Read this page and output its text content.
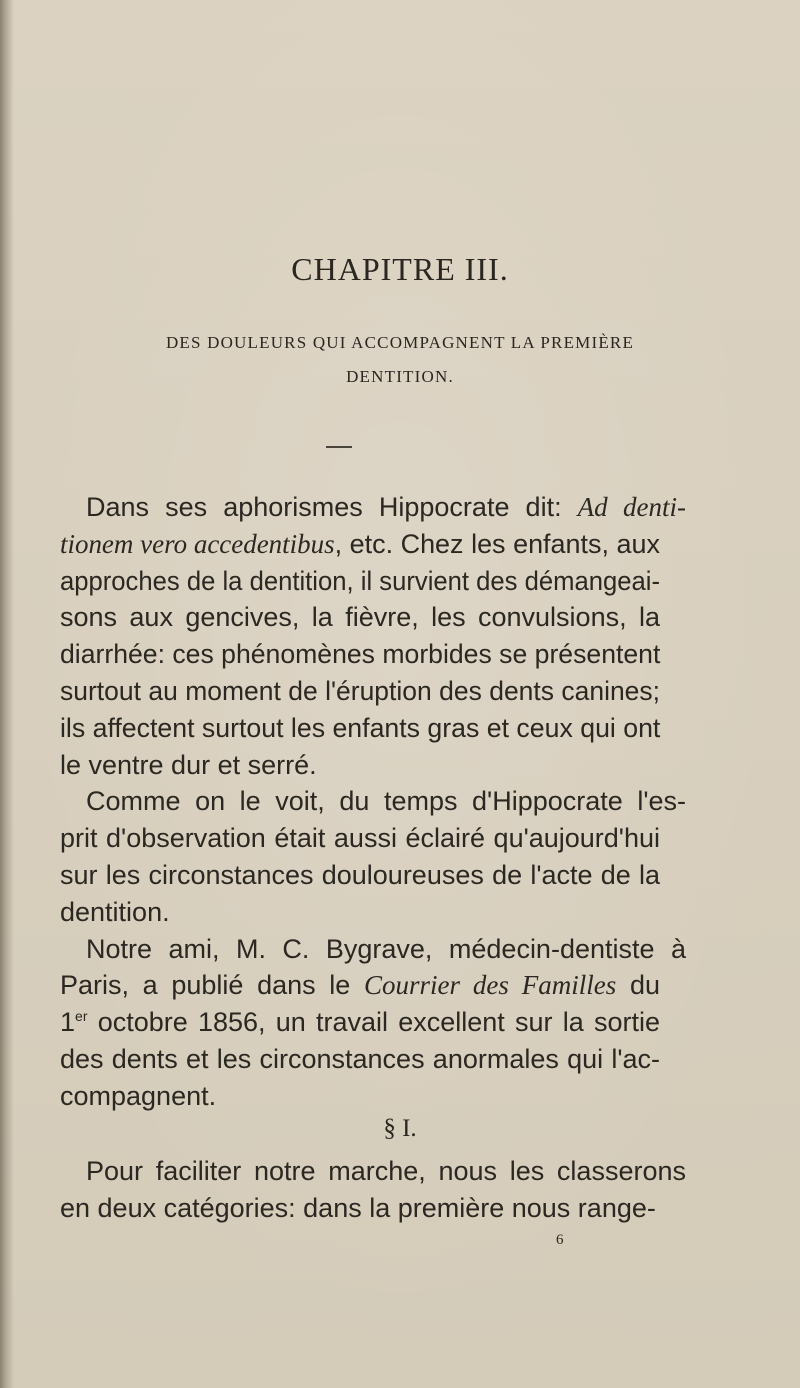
CHAPITRE III.
DES DOULEURS QUI ACCOMPAGNENT LA PREMIÈRE
DENTITION.
Dans ses aphorismes Hippocrate dit: Ad denti-
tionem vero accedentibus, etc. Chez les enfants, aux
approches de la dentition, il survient des démangeai-
sons aux gencives, la fièvre, les convulsions, la
diarrhée: ces phénomènes morbides se présentent
surtout au moment de l'éruption des dents canines;
ils affectent surtout les enfants gras et ceux qui ont
le ventre dur et serré.
Comme on le voit, du temps d'Hippocrate l'es-
prit d'observation était aussi éclairé qu'aujourd'hui
sur les circonstances douloureuses de l'acte de la
dentition.
Notre ami, M. C. Bygrave, médecin-dentiste à
Paris, a publié dans le Courrier des Familles du
1er octobre 1856, un travail excellent sur la sortie
des dents et les circonstances anormales qui l'ac-
compagnent.
§ I.
Pour faciliter notre marche, nous les classerons
en deux catégories: dans la première nous range-
6
